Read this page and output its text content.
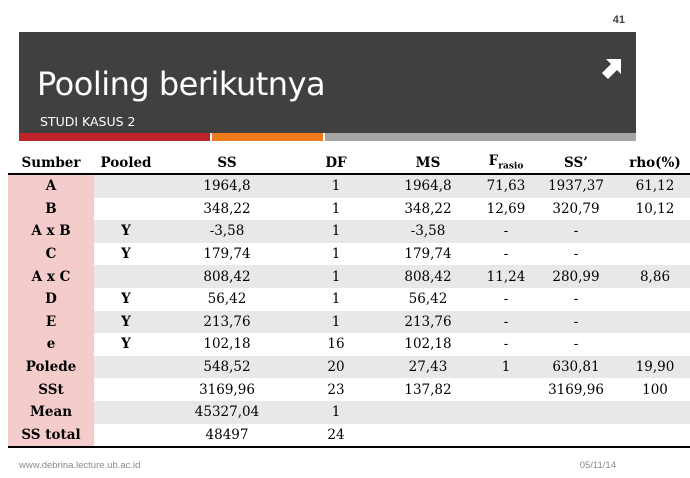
41
Pooling berikutnya
STUDI KASUS 2
Sumber	Pooled	SS	DF	MS	$F_{rasio}$	SS’	rho(%)
A		1964,8	1	1964,8	71,63	1937,37	61,12
B		348,22	1	348,22	12,69	320,79	10,12
A x B	Y	-3,58	1	-3,58	-	-	
C	Y	179,74	1	179,74	-	-	
A x C		808,42	1	808,42	11,24	280,99	8,86
D	Y	56,42	1	56,42	-	-	
E	Y	213,76	1	213,76	-	-	
e	Y	102,18	16	102,18	-	-	
Polede		548,52	20	27,43	1	630,81	19,90
SSt		3169,96	23	137,82		3169,96	100
Mean		45327,04	1				
SS total		48497	24				
www.debrina.lecture.ub.ac.id	05/11/14
